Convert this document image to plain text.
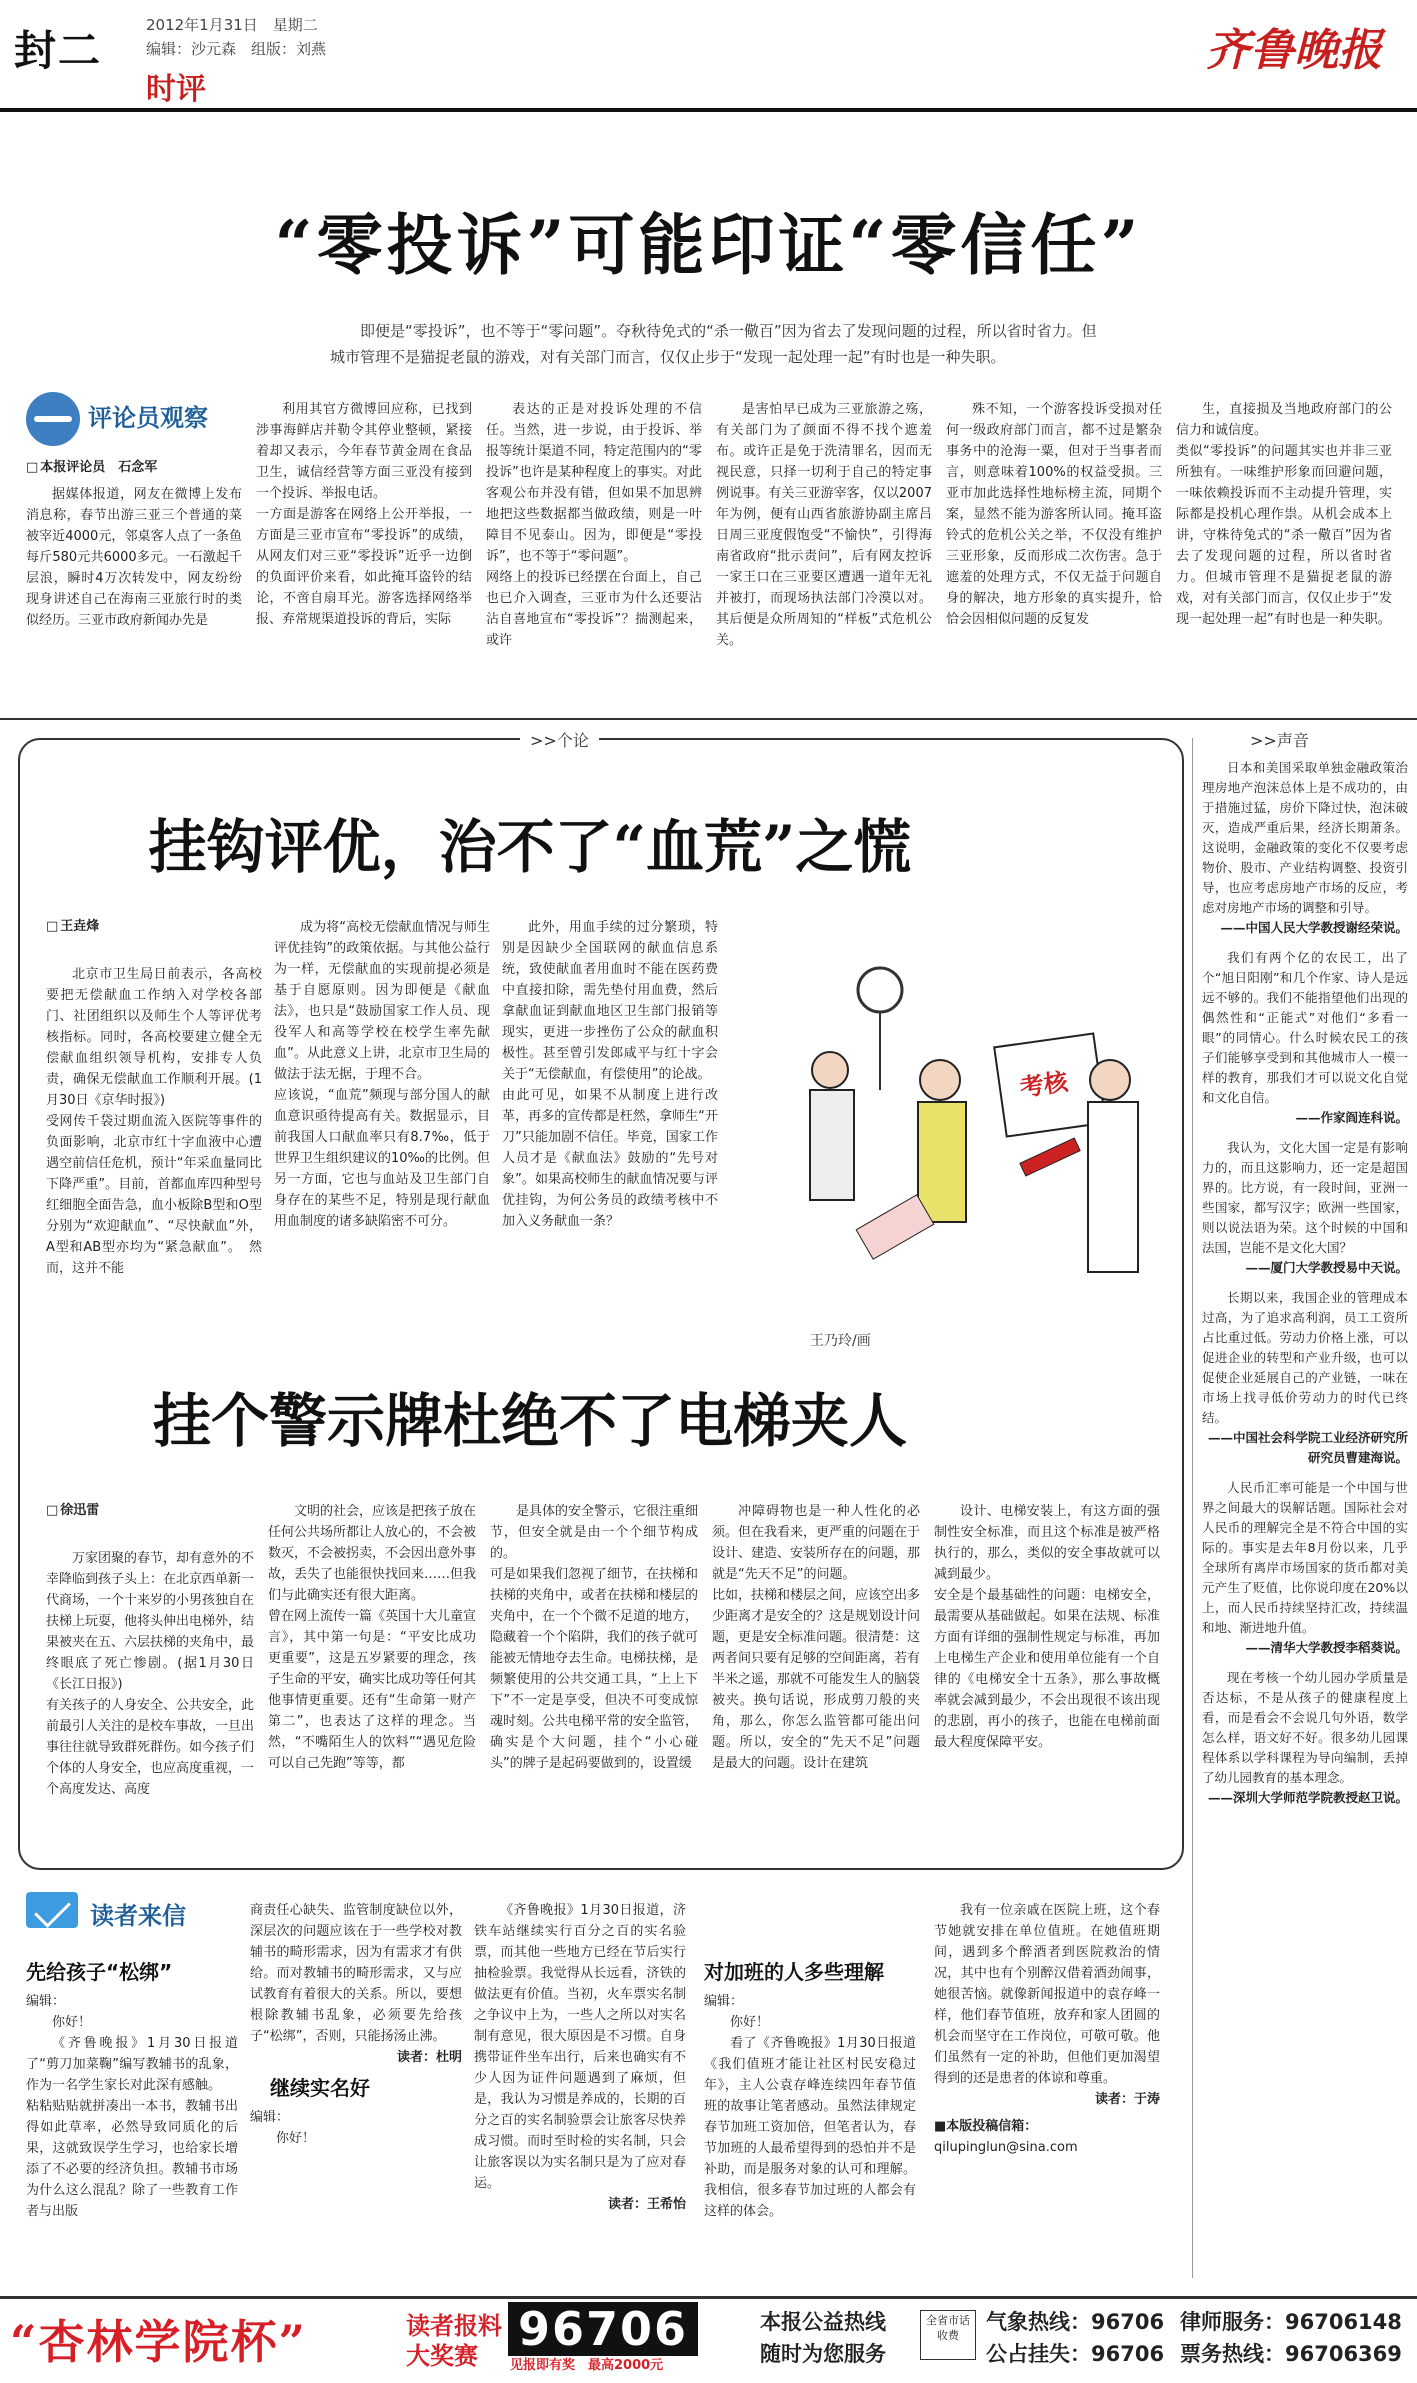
封二
2012年1月31日　星期二
编辑：沙元森　组版：刘燕
时评
齐鲁晚报
“零投诉”可能印证“零信任”
即便是“零投诉”，也不等于“零问题”。夺秋待免式的“杀一儆百”因为省去了发现问题的过程，所以省时省力。但城市管理不是猫捉老鼠的游戏，对有关部门而言，仅仅止步于“发现一起处理一起”有时也是一种失职。
评论员观察
□ 本报评论员　石念军

据媒体报道，网友在微博上发布消息称，春节出游三亚三个普通的菜被宰近4000元，邻桌客人点了一条鱼每斤580元共6000多元。一石激起千层浪，瞬时4万次转发中，网友纷纷现身讲述自己在海南三亚旅行时的类似经历。三亚市政府新闻办先是

利用其官方微博回应称，已找到涉事海鲜店并勒令其停业整顿，紧接着却又表示，今年春节黄金周在食品卫生，诚信经营等方面三亚没有接到一个投诉、举报电话。
一方面是游客在网络上公开举报，一方面是三亚市宣布“零投诉”的成绩，从网友们对三亚“零投诉”近乎一边倒的负面评价来看，如此掩耳盗铃的结论，不啻自扇耳光。游客选择网络举报、弃常规渠道投诉的背后，实际

表达的正是对投诉处理的不信任。当然，进一步说，由于投诉、举报等统计渠道不同，特定范围内的“零投诉”也许是某种程度上的事实。对此客观公布并没有错，但如果不加思辨地把这些数据都当做政绩，则是一叶障目不见泰山。因为，即便是“零投诉”，也不等于“零问题”。
网络上的投诉已经摆在台面上，自己也已介入调查，三亚市为什么还要沾沾自喜地宣布“零投诉”？揣测起来，或许

是害怕早已成为三亚旅游之殇，有关部门为了颜面不得不找个遮羞布。或许正是免于洗清罪名，因而无视民意，只择一切利于自己的特定事例说事。有关三亚游宰客，仅以2007年为例，便有山西省旅游协副主席吕日周三亚度假饱受“不愉快”，引得海南省政府“批示责问”，后有网友控诉一家王口在三亚要区遭遇一道年无礼并被打，而现场执法部门冷漠以对。其后便是众所周知的“样板”式危机公关。

殊不知，一个游客投诉受损对任何一级政府部门而言，都不过是繁杂事务中的沧海一粟，但对于当事者而言，则意味着100%的权益受损。三亚市加此选择性地标榜主流，同期个案，显然不能为游客所认同。掩耳盗铃式的危机公关之举，不仅没有维护三亚形象，反而形成二次伤害。急于遮羞的处理方式，不仅无益于问题自身的解决，地方形象的真实提升，恰恰会因相似问题的反复发

生，直接损及当地政府部门的公信力和诚信度。
类似“零投诉”的问题其实也并非三亚所独有。一味维护形象而回避问题，一味依赖投诉而不主动提升管理，实际都是投机心理作祟。从机会成本上讲，守株待兔式的“杀一儆百”因为省去了发现问题的过程，所以省时省力。但城市管理不是猫捉老鼠的游戏，对有关部门而言，仅仅止步于“发现一起处理一起”有时也是一种失职。

>>个论	>>声音
挂钩评优，治不了“血荒”之慌

□ 王垚烽

北京市卫生局日前表示，各高校要把无偿献血工作纳入对学校各部门、社团组织以及师生个人等评优考核指标。同时，各高校要建立健全无偿献血组织领导机构，安排专人负责，确保无偿献血工作顺利开展。(1月30日《京华时报》)
受网传千袋过期血流入医院等事件的负面影响，北京市红十字血液中心遭遇空前信任危机，预计“年采血量同比下降严重”。目前，首都血库四种型号红细胞全面告急，血小板除B型和O型分别为“欢迎献血”、“尽快献血”外，A型和AB型亦均为“紧急献血”。　然而，这并不能

成为将“高校无偿献血情况与师生评优挂钩”的政策依据。与其他公益行为一样，无偿献血的实现前提必须是基于自愿原则。因为即便是《献血法》，也只是“鼓励国家工作人员、现役军人和高等学校在校学生率先献血”。从此意义上讲，北京市卫生局的做法于法无据，于理不合。
应该说，“血荒”频现与部分国人的献血意识亟待提高有关。数据显示，目前我国人口献血率只有8.7‰，低于世界卫生组织建议的10‰的比例。但另一方面，它也与血站及卫生部门自身存在的某些不足，特别是现行献血用血制度的诸多缺陷密不可分。

此外，用血手续的过分繁琐，特别是因缺少全国联网的献血信息系统，致使献血者用血时不能在医药费中直接扣除，需先垫付用血费，然后拿献血证到献血地区卫生部门报销等现实，更进一步挫伤了公众的献血积极性。甚至曾引发郎咸平与红十字会关于“无偿献血，有偿使用”的论战。
由此可见，如果不从制度上进行改革，再多的宣传都是枉然，拿师生“开刀”只能加剧不信任。毕竟，国家工作人员才是《献血法》鼓励的“先号对象”。如果高校师生的献血情况要与评优挂钩，为何公务员的政绩考核中不加入义务献血一条？

考核
王乃玲/画
挂个警示牌杜绝不了电梯夹人

□ 徐迅雷

万家团聚的春节，却有意外的不幸降临到孩子头上：在北京西单新一代商场，一个十来岁的小男孩独自在扶梯上玩耍，他将头伸出电梯外，结果被夹在五、六层扶梯的夹角中，最终眼底了死亡惨剧。(据1月30日《长江日报》)
有关孩子的人身安全、公共安全，此前最引人关注的是校车事故，一旦出事往往就导致群死群伤。如今孩子们个体的人身安全，也应高度重视，一个高度发达、高度

文明的社会，应该是把孩子放在任何公共场所都让人放心的，不会被数灭，不会被拐卖，不会因出意外事故，丢失了也能很快找回来……但我们与此确实还有很大距离。
曾在网上流传一篇《英国十大儿童宣言》，其中第一句是：“平安比成功更重要”，这是五岁紧要的理念，孩子生命的平安，确实比成功等任何其他事情更重要。还有“生命第一财产第二”，也表达了这样的理念。当然，“不嘴陌生人的饮料”“遇见危险可以自己先跑”等等，都

是具体的安全警示，它很注重细节，但安全就是由一个个细节构成的。
可是如果我们忽视了细节，在扶梯和扶梯的夹角中，或者在扶梯和楼层的夹角中，在一个个微不足道的地方，隐藏着一个个陷阱，我们的孩子就可能被无情地夺去生命。电梯扶梯，是频繁使用的公共交通工具，“上上下下”不一定是享受，但决不可变成惊魂时刻。公共电梯平常的安全监管，确实是个大问题，挂个“小心碰头”的牌子是起码要做到的，设置缓

冲障碍物也是一种人性化的必须。但在我看来，更严重的问题在于设计、建造、安装所存在的问题，那就是“先天不足”的问题。
比如，扶梯和楼层之间，应该空出多少距离才是安全的？这是规划设计问题，更是安全标准问题。很清楚：这两者间只要有足够的空间距离，若有半米之遥，那就不可能发生人的脑袋被夹。换句话说，形成剪刀般的夹角，那么，你怎么监管都可能出问题。所以，安全的“先天不足”问题是最大的问题。设计在建筑

设计、电梯安装上，有这方面的强制性安全标准，而且这个标准是被严格执行的，那么，类似的安全事故就可以减到最少。
安全是个最基础性的问题：电梯安全，最需要从基础做起。如果在法规、标准方面有详细的强制性规定与标准，再加上电梯生产企业和使用单位能有一个自律的《电梯安全十五条》，那么事故概率就会减到最少，不会出现很不该出现的悲剧，再小的孩子，也能在电梯前面最大程度保障平安。

日本和美国采取单独金融政策治理房地产泡沫总体上是不成功的，由于措施过猛，房价下降过快，泡沫破灭，造成严重后果，经济长期萧条。这说明，金融政策的变化不仅要考虑物价、股市、产业结构调整、投资引导，也应考虑房地产市场的反应，考虑对房地产市场的调整和引导。

——中国人民大学教授谢经荣说。

我们有两个亿的农民工，出了个“旭日阳刚”和几个作家、诗人是远远不够的。我们不能指望他们出现的偶然性和“正能式”对他们“多看一眼”的同情心。什么时候农民工的孩子们能够享受到和其他城市人一模一样的教育，那我们才可以说文化自觉和文化自信。

——作家阎连科说。

我认为，文化大国一定是有影响力的，而且这影响力，还一定是超国界的。比方说，有一段时间，亚洲一些国家，都写汉字；欧洲一些国家，则以说法语为荣。这个时候的中国和法国，岂能不是文化大国？

——厦门大学教授易中天说。

长期以来，我国企业的管理成本过高，为了追求高利润，员工工资所占比重过低。劳动力价格上涨，可以促进企业的转型和产业升级，也可以促使企业延展自己的产业链，一味在市场上找寻低价劳动力的时代已终结。

——中国社会科学院工业经济研究所研究员曹建海说。

人民币汇率可能是一个中国与世界之间最大的误解话题。国际社会对人民币的理解完全是不符合中国的实际的。事实是去年8月份以来，几乎全球所有离岸市场国家的货币都对美元产生了贬值，比你说印度在20%以上，而人民币持续坚持汇改，持续温和地、渐进地升值。

——清华大学教授李稻葵说。

现在考核一个幼儿园办学质量是否达标，不是从孩子的健康程度上看，而是看会不会说几句外语，数学怎么样，语文好不好。很多幼儿园课程体系以学科课程为导向编制，丢掉了幼儿园教育的基本理念。

——深圳大学师范学院教授赵卫说。
读者来信
先给孩子“松绑”
编辑：
你好！

《齐鲁晚报》1月30日报道了“剪刀加菜鞠”编写教辅书的乱象，作为一名学生家长对此深有感触。
粘粘贴贴就拼凑出一本书，教辅书出得如此草率，必然导致同质化的后果，这就致误学生学习，也给家长增添了不必要的经济负担。教辅书市场为什么这么混乱？除了一些教育工作者与出版

商责任心缺失、监管制度缺位以外，深层次的问题应该在于一些学校对教辅书的畸形需求，因为有需求才有供给。而对教辅书的畸形需求，又与应试教育有着很大的关系。所以，要想根除教辅书乱象，必须要先给孩子“松绑”，否则，只能扬汤止沸。

读者：杜明
继续实名好
编辑：
你好！

《齐鲁晚报》1月30日报道，济铁车站继续实行百分之百的实名验票，而其他一些地方已经在节后实行抽检验票。我觉得从长远看，济铁的做法更有价值。当初，火车票实名制之争议中上为，一些人之所以对实名制有意见，很大原因是不习惯。自身携带证件坐车出行，后来也确实有不少人因为证件问题遇到了麻烦，但是，我认为习惯是养成的，长期的百分之百的实名制验票会让旅客尽快养成习惯。而时至时检的实名制，只会让旅客误以为实名制只是为了应对春运。

读者：王希怡
对加班的人多些理解
编辑：
你好！

看了《齐鲁晚报》1月30日报道《我们值班才能让社区村民安稳过年》，主人公袁存峰连续四年春节值班的故事让笔者感动。虽然法律规定春节加班工资加倍，但笔者认为，春节加班的人最希望得到的恐怕并不是补助，而是服务对象的认可和理解。我相信，很多春节加过班的人都会有这样的体会。

我有一位亲戚在医院上班，这个春节她就安排在单位值班。在她值班期间，遇到多个醉酒者到医院救治的情况，其中也有个别醉汉借着酒劲闹事，她很苦恼。就像新闻报道中的袁存峰一样，他们春节值班，放弃和家人团圆的机会而坚守在工作岗位，可敬可敬。他们虽然有一定的补助，但他们更加渴望得到的还是患者的体谅和尊重。

读者：于涛
■本版投稿信箱：
qilupinglun@sina.com
“杏林学院杯”	读者报料
大奖赛 96706
见报即有奖　最高2000元
本报公益热线
随时为您服务
全省市话收费
气象热线：96706
公占挂失：96706
律师服务：96706148
票务热线：96706369
